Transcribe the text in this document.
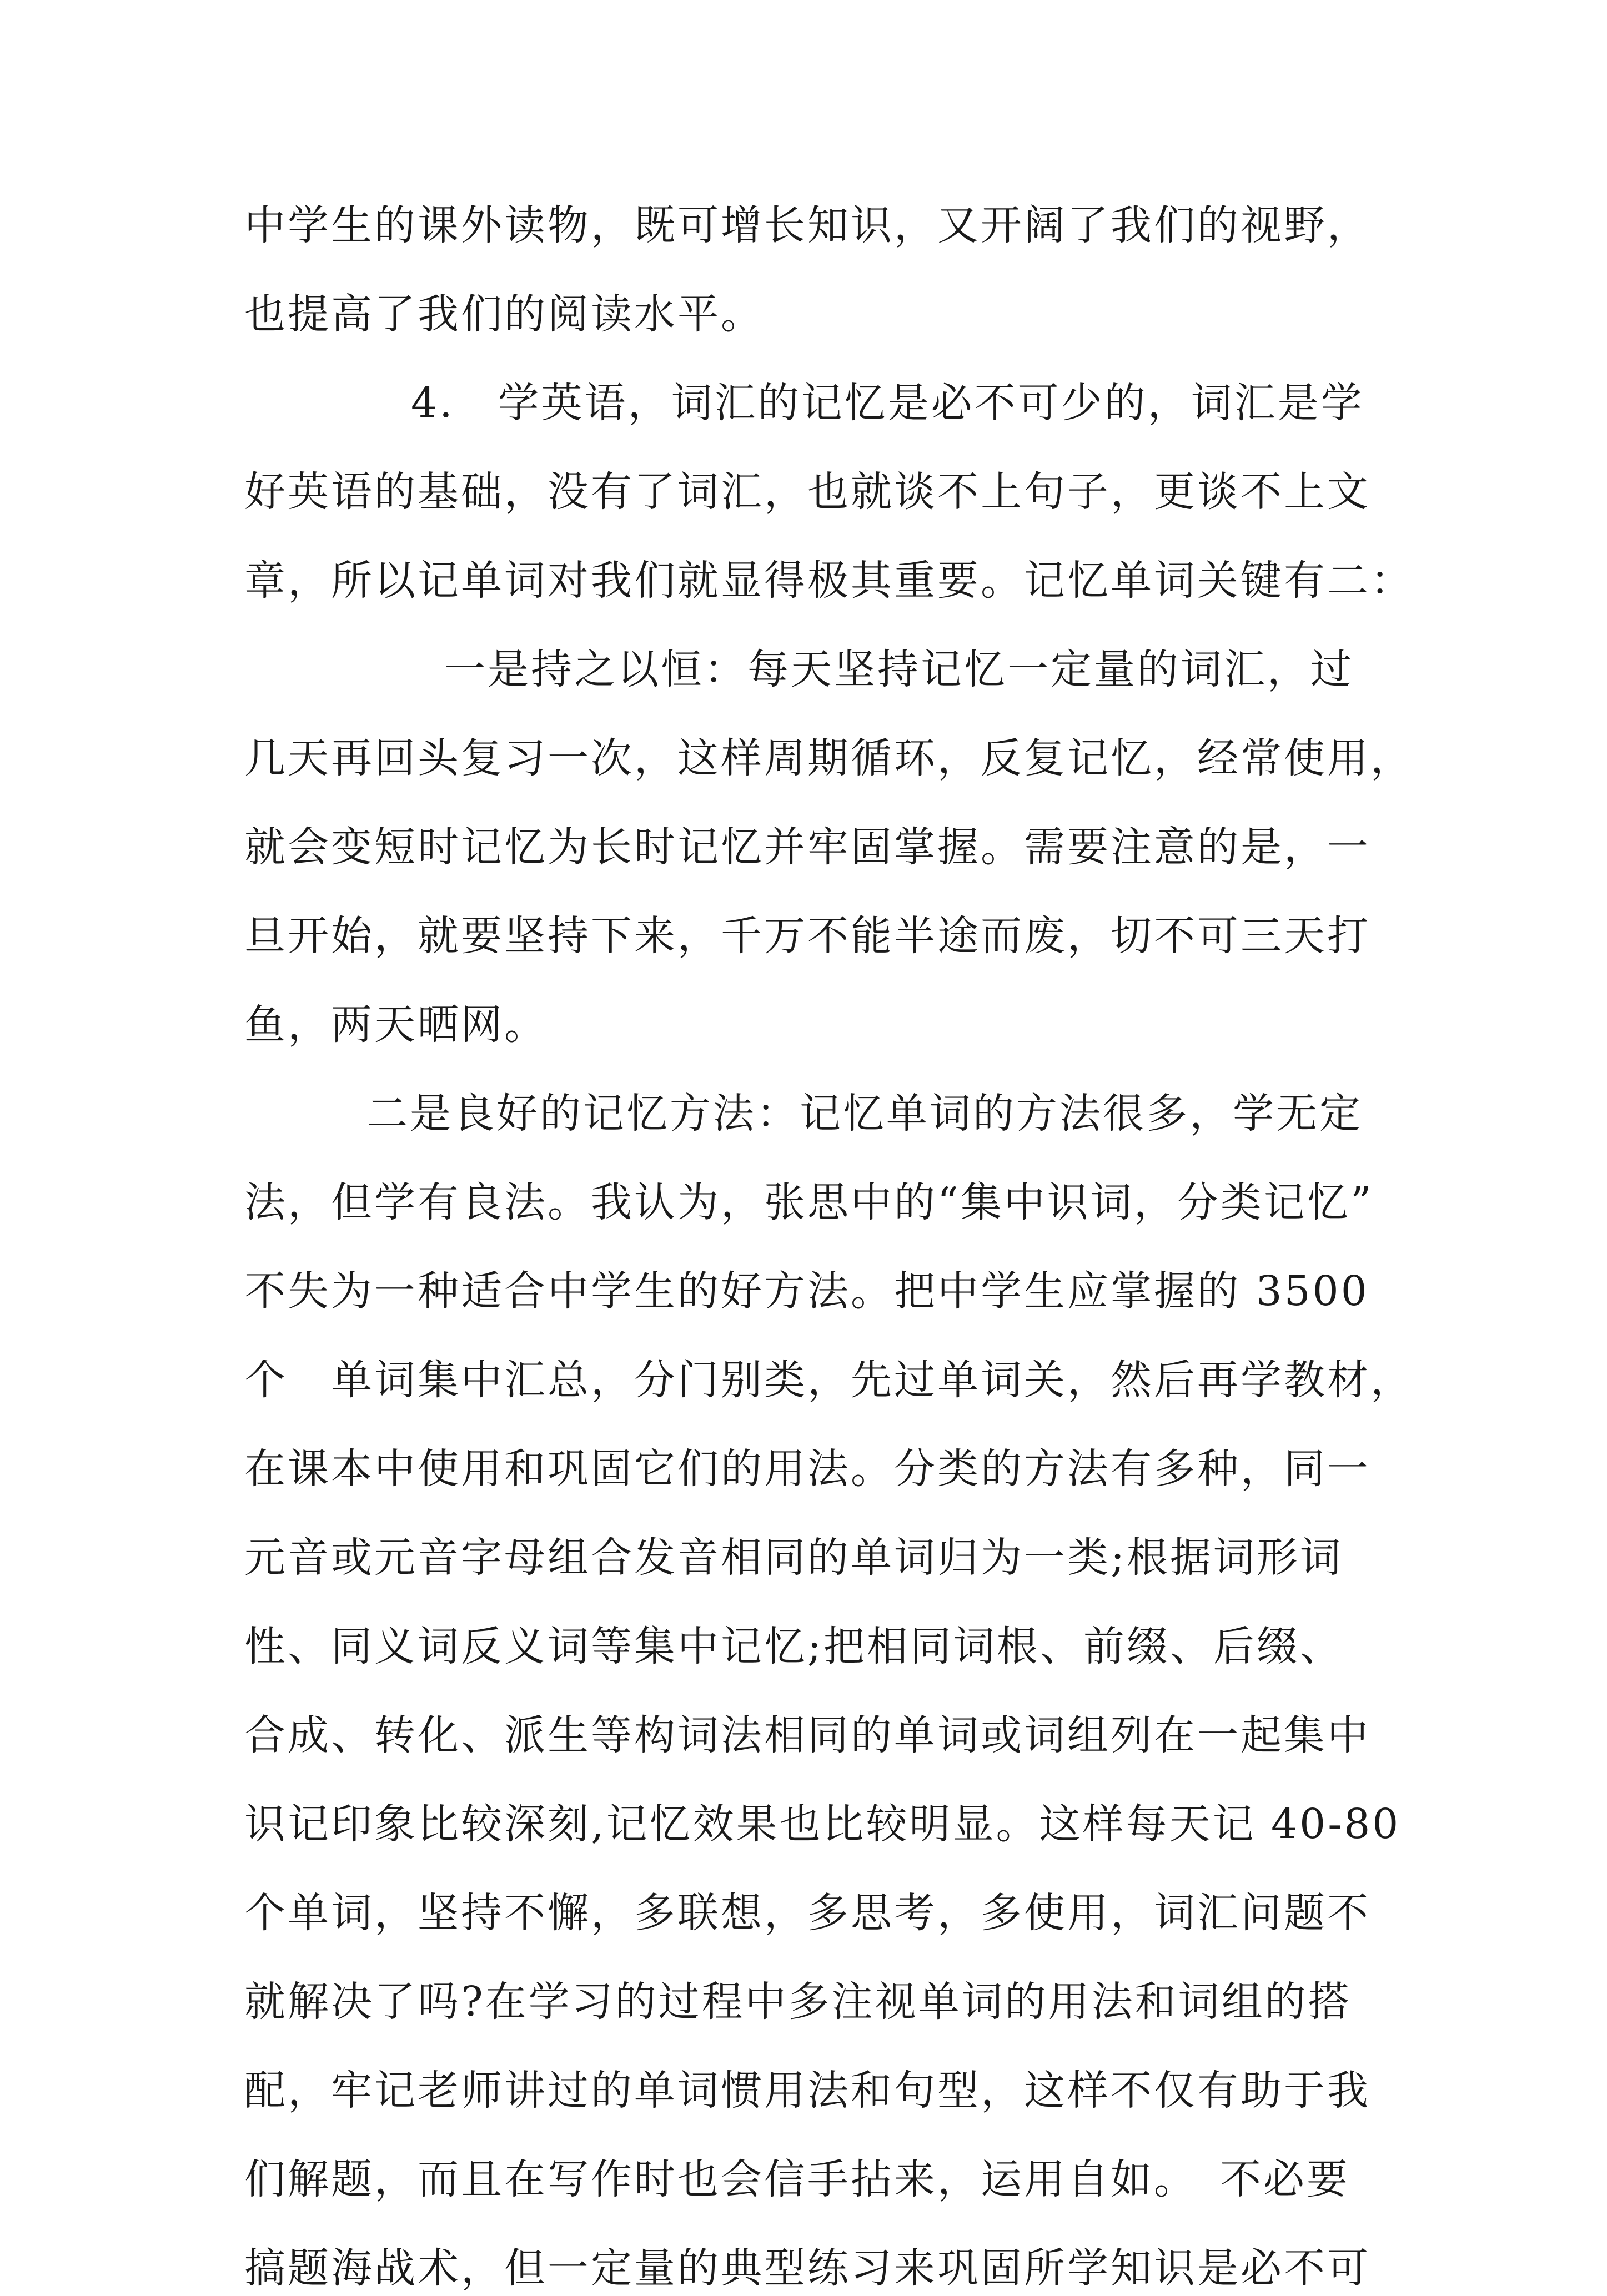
中学生的课外读物，既可增长知识，又开阔了我们的视野，
也提高了我们的阅读水平。
4.　学英语，词汇的记忆是必不可少的，词汇是学
好英语的基础，没有了词汇，也就谈不上句子，更谈不上文
章，所以记单词对我们就显得极其重要。记忆单词关键有二：
一是持之以恒：每天坚持记忆一定量的词汇，过
几天再回头复习一次，这样周期循环，反复记忆，经常使用，
就会变短时记忆为长时记忆并牢固掌握。需要注意的是，一
旦开始，就要坚持下来，千万不能半途而废，切不可三天打
鱼，两天晒网。
二是良好的记忆方法：记忆单词的方法很多，学无定
法，但学有良法。我认为，张思中的“集中识词，分类记忆”
不失为一种适合中学生的好方法。把中学生应掌握的 3500
个　单词集中汇总，分门别类，先过单词关，然后再学教材，
在课本中使用和巩固它们的用法。分类的方法有多种，同一
元音或元音字母组合发音相同的单词归为一类;根据词形词
性、同义词反义词等集中记忆;把相同词根、前缀、后缀、
合成、转化、派生等构词法相同的单词或词组列在一起集中
识记印象比较深刻,记忆效果也比较明显。这样每天记 40-80
个单词，坚持不懈，多联想，多思考，多使用，词汇问题不
就解决了吗?在学习的过程中多注视单词的用法和词组的搭
配，牢记老师讲过的单词惯用法和句型，这样不仅有助于我
们解题，而且在写作时也会信手拈来，运用自如。　不必要
搞题海战术，但一定量的典型练习来巩固所学知识是必不可
